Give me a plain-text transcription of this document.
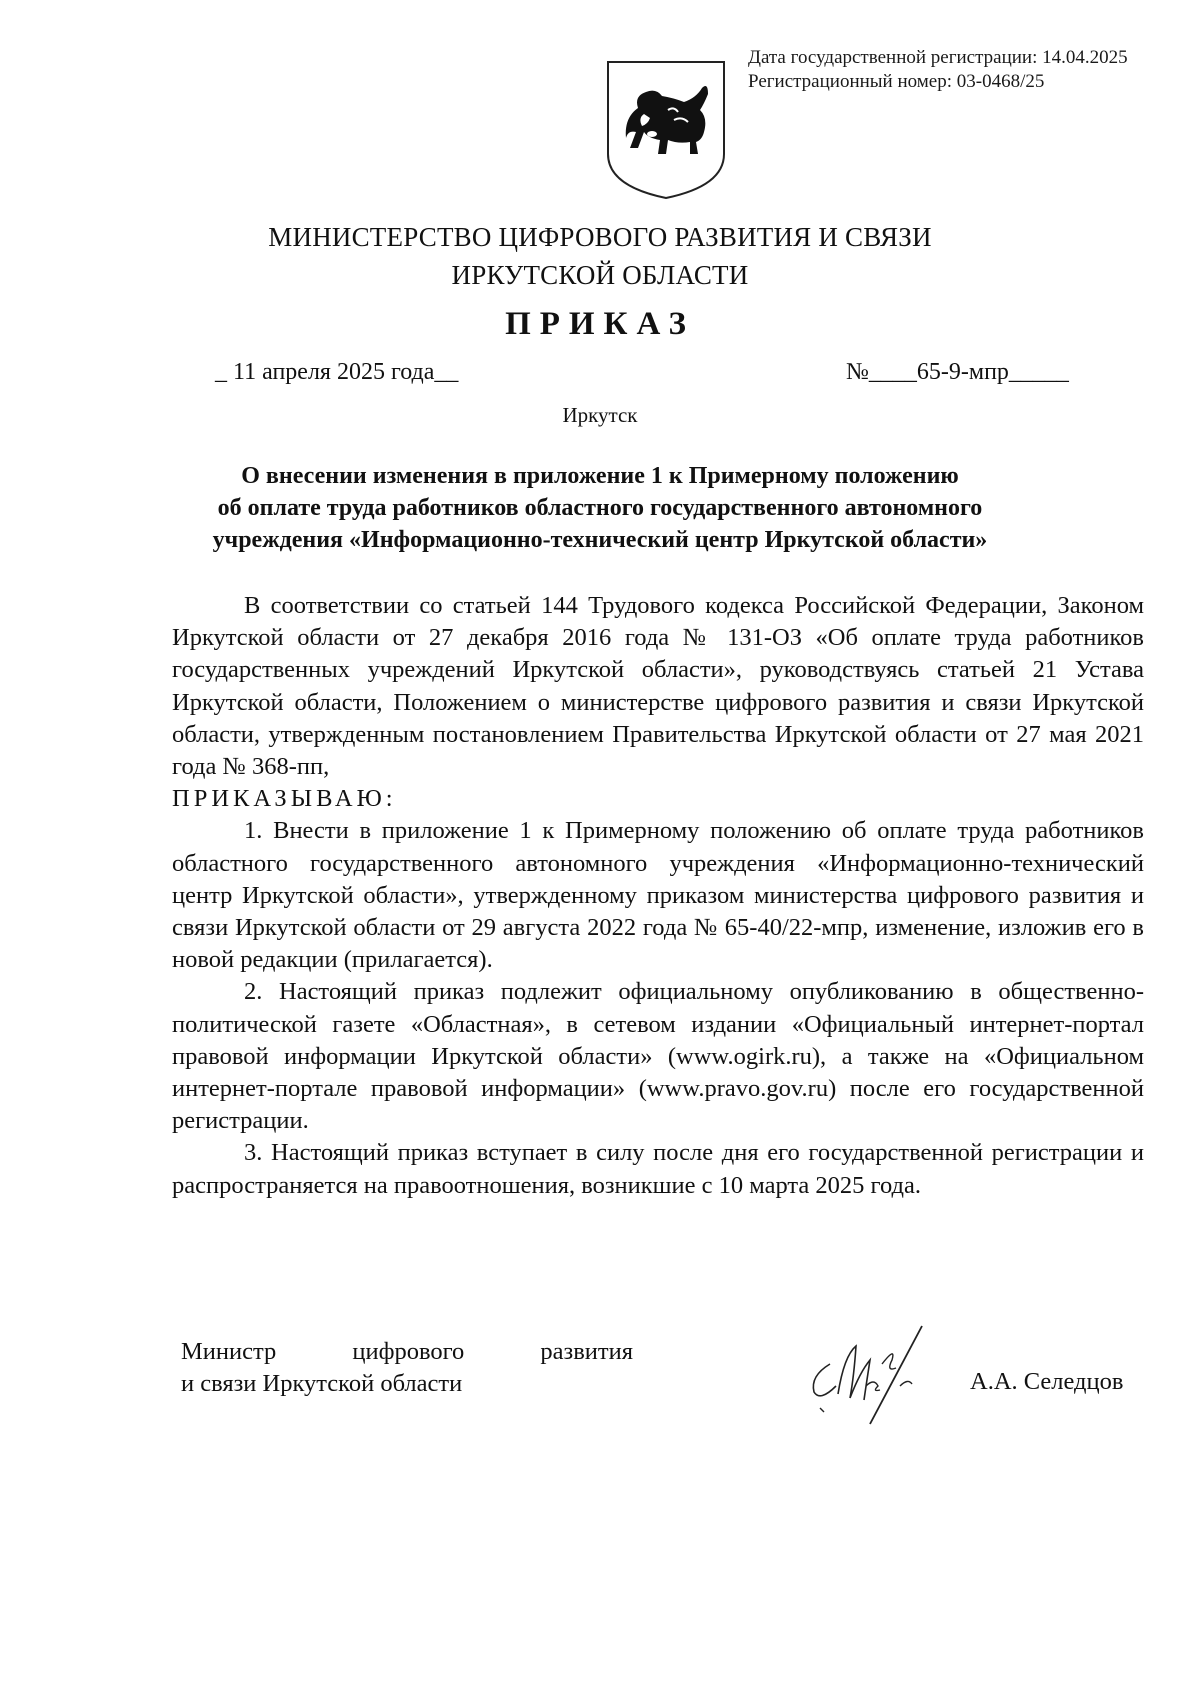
Дата государственной регистрации: 14.04.2025
Регистрационный номер: 03-0468/25
МИНИСТЕРСТВО ЦИФРОВОГО РАЗВИТИЯ И СВЯЗИ
ИРКУТСКОЙ ОБЛАСТИ
ПРИКАЗ
_ 11 апреля 2025 года__	№____65-9-мпр_____
Иркутск
О внесении изменения в приложение 1 к Примерному положению
об оплате труда работников областного государственного автономного
учреждения «Информационно-технический центр Иркутской области»

В соответствии со статьей 144 Трудового кодекса Российской Федерации, Законом Иркутской области от 27 декабря 2016 года № 131-ОЗ «Об оплате труда работников государственных учреждений Иркутской области», руководствуясь статьей 21 Устава Иркутской области, Положением о министерстве цифрового развития и связи Иркутской области, утвержденным постановлением Правительства Иркутской области от 27 мая 2021 года № 368-пп,

ПРИКАЗЫВАЮ:

1. Внести в приложение 1 к Примерному положению об оплате труда работников областного государственного автономного учреждения «Информационно-технический центр Иркутской области», утвержденному приказом министерства цифрового развития и связи Иркутской области от 29 августа 2022 года № 65-40/22-мпр, изменение, изложив его в новой редакции (прилагается).

2. Настоящий приказ подлежит официальному опубликованию в общественно-политической газете «Областная», в сетевом издании «Официальный интернет-портал правовой информации Иркутской области» (www.ogirk.ru), а также на «Официальном интернет-портале правовой информации» (www.pravo.gov.ru) после его государственной регистрации.

3. Настоящий приказ вступает в силу после дня его государственной регистрации и распространяется на правоотношения, возникшие с 10 марта 2025 года.

Министр цифрового развития
и связи Иркутской области	А.А. Селедцов
